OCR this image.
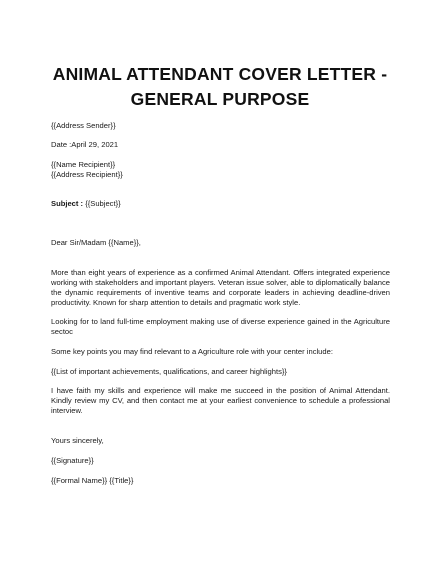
ANIMAL ATTENDANT COVER LETTER -
GENERAL PURPOSE
{{Address Sender}}
Date :April 29, 2021
{{Name Recipient}}
{{Address Recipient}}
Subject : {{Subject}}
Dear Sir/Madam {{Name}},
More than eight years of experience as a confirmed Animal Attendant. Offers integrated experience working with stakeholders and important players. Veteran issue solver, able to diplomatically balance the dynamic requirements of inventive teams and corporate leaders in achieving deadline-driven productivity. Known for sharp attention to details and pragmatic work style.
Looking for to land full-time employment making use of diverse experience gained in the Agriculture sectoc
Some key points you may find relevant to a Agriculture role with your center include:
{{List of important achievements, qualifications, and career highlights}}
I have faith my skills and experience will make me succeed in the position of Animal Attendant. Kindly review my CV, and then contact me at your earliest convenience to schedule a professional interview.
Yours sincerely,
{{Signature}}
{{Formal Name}} {{Title}}
